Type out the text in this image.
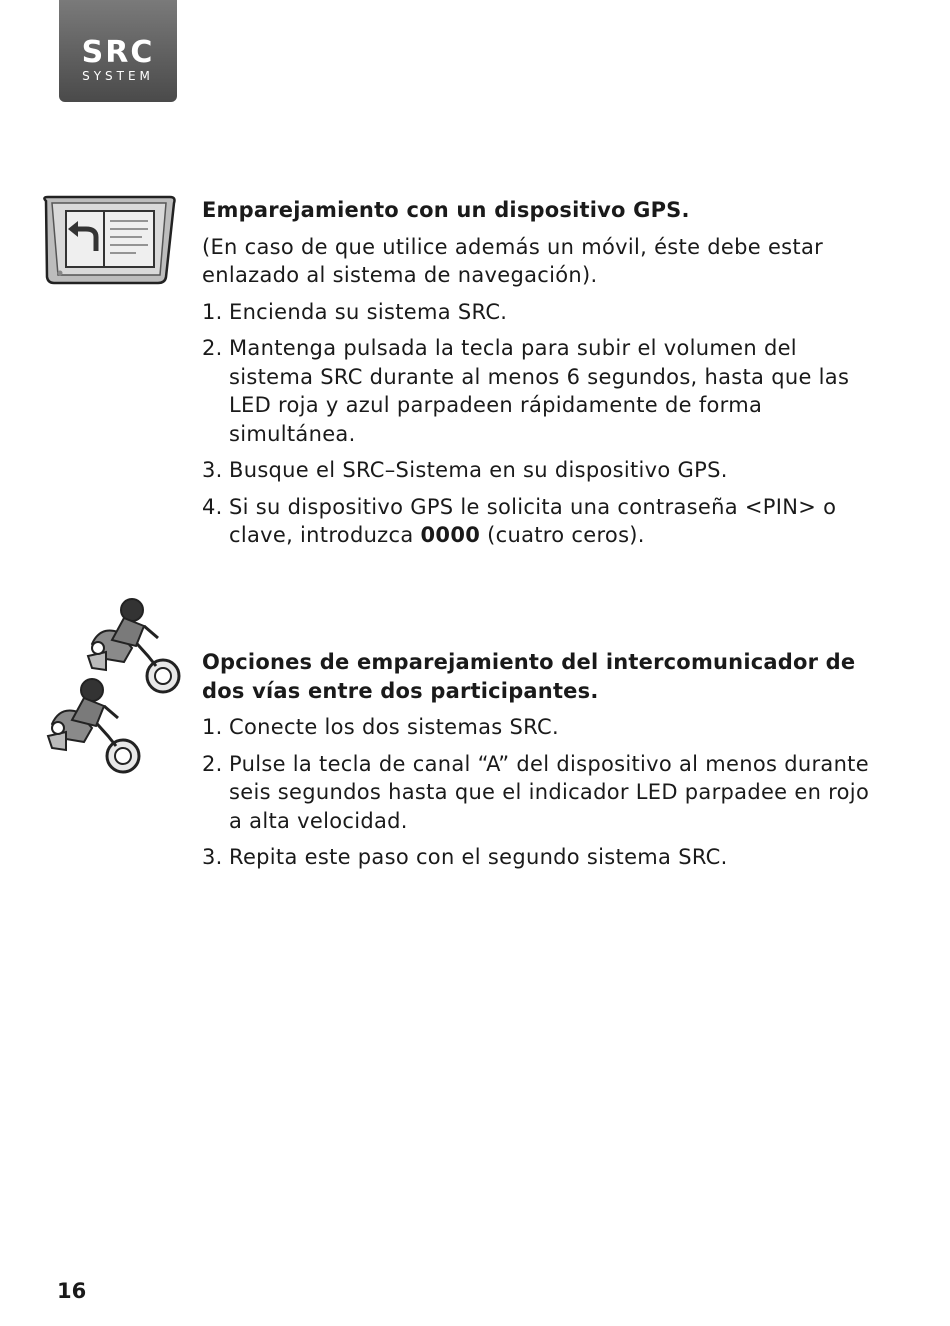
SRC
SYSTEM

Emparejamiento con un dispositivo GPS.

(En caso de que utilice además un móvil, éste debe estar enlazado al sistema de navegación).

1. Encienda su sistema SRC.
2. Mantenga pulsada la tecla para subir el volumen del sistema SRC durante al menos 6 segundos, hasta que las LED roja y azul parpadeen rápidamente de forma simultánea.
3. Busque el SRC–Sistema en su dispositivo GPS.
4. Si su dispositivo GPS le solicita una contraseña <PIN> o clave, introduzca 0000 (cuatro ceros).

Opciones de emparejamiento del intercomunicador de dos vías entre dos participantes.

1. Conecte los dos sistemas SRC.
2. Pulse la tecla de canal “A” del dispositivo al menos durante seis segundos hasta que el indicador LED parpadee en rojo a alta velocidad.
3. Repita este paso con el segundo sistema SRC.
16
